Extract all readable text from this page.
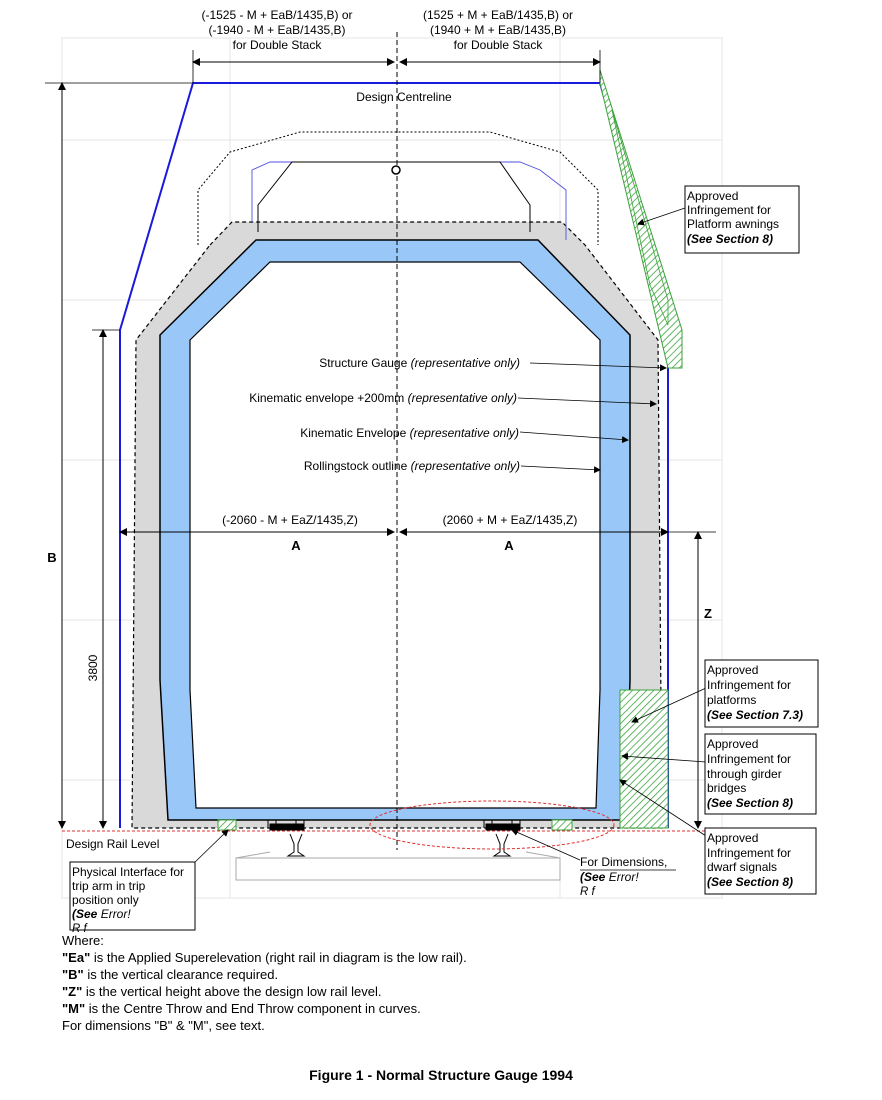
(-1525 - M + EaB/1435,B) or
(-1940 - M + EaB/1435,B)
for Double Stack
(1525 + M + EaB/1435,B) or
(1940 + M + EaB/1435,B)
for Double Stack
Design Centreline
Structure Gauge (representative only)
Kinematic envelope +200mm (representative only)
Kinematic Envelope (representative only)
Rollingstock outline (representative only)
(-2060 - M + EaZ/1435,Z)	(2060 + M + EaZ/1435,Z)
A	A
B
Z
3800
Design Rail Level
Approved
Infringement for
Platform awnings
(See Section 8)
Approved
Infringement for
platforms
(See Section 7.3)
Approved
Infringement for
through girder
bridges
(See Section 8)
Approved
Infringement for
dwarf signals
(See Section 8)
Physical Interface for
trip arm in trip
position only
(See Error!
R f
For Dimensions,
(See Error!
R f
Where:
"Ea" is the Applied Superelevation (right rail in diagram is the low rail).
"B" is the vertical clearance required.
"Z" is the vertical height above the design low rail level.
"M" is the Centre Throw and End Throw component in curves.
For dimensions "B" & "M", see text.
Figure 1 - Normal Structure Gauge 1994
